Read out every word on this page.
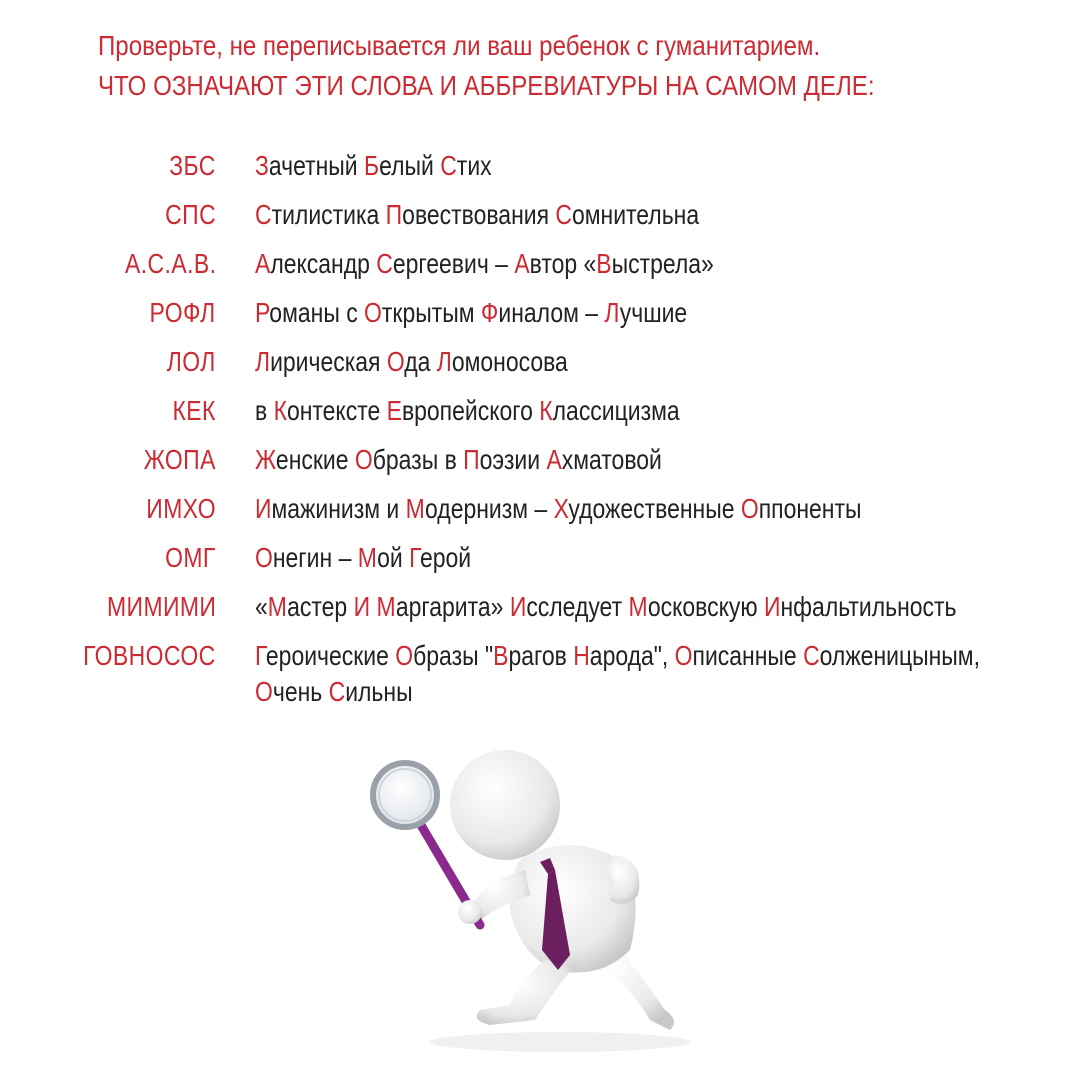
Проверьте, не переписывается ли ваш ребенок с гуманитарием.
ЧТО ОЗНАЧАЮТ ЭТИ СЛОВА И АББРЕВИАТУРЫ НА САМОМ ДЕЛЕ:
ЗБС Зачетный Белый Стих
СПС Стилистика Повествования Сомнительна
А.С.А.В. Александр Сергеевич – Автор «Выстрела»
РОФЛ Романы с Открытым Финалом – Лучшие
ЛОЛ Лирическая Ода Ломоносова
КЕК в Контексте Европейского Классицизма
ЖОПА Женские Образы в Поэзии Ахматовой
ИМХО Имажинизм и Модернизм – Художественные Оппоненты
ОМГ Онегин – Мой Герой
МИМИМИ «Мастер И Маргарита» Исследует Московскую Инфальтильность
ГОВНОСОС Героические Образы "Врагов Народа", Описанные Солженицыным, Очень Сильны
